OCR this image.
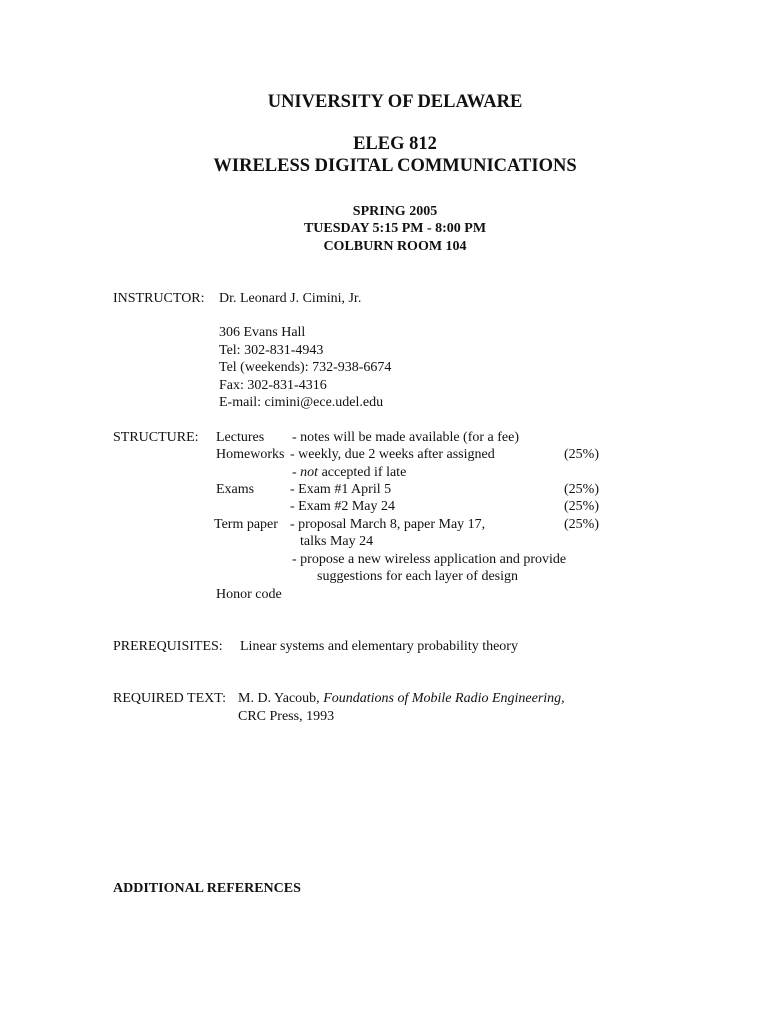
UNIVERSITY OF DELAWARE
ELEG 812
WIRELESS DIGITAL COMMUNICATIONS
SPRING 2005
TUESDAY 5:15 PM - 8:00 PM
COLBURN ROOM 104
INSTRUCTOR: Dr. Leonard J. Cimini, Jr.
306 Evans Hall
Tel: 302-831-4943
Tel (weekends): 732-938-6674
Fax: 302-831-4316
E-mail: cimini@ece.udel.edu
STRUCTURE: Lectures - notes will be made available (for a fee)
Homeworks - weekly, due 2 weeks after assigned	(25%)
- not accepted if late
Exams	- Exam #1 April 5	(25%)
- Exam #2 May 24	(25%)
Term paper - proposal March 8, paper May 17,	(25%)
talks May 24
- propose a new wireless application and provide
suggestions for each layer of design
Honor code
PREREQUISITES: Linear systems and elementary probability theory
REQUIRED TEXT: M. D. Yacoub, Foundations of Mobile Radio Engineering,
CRC Press, 1993
ADDITIONAL REFERENCES
